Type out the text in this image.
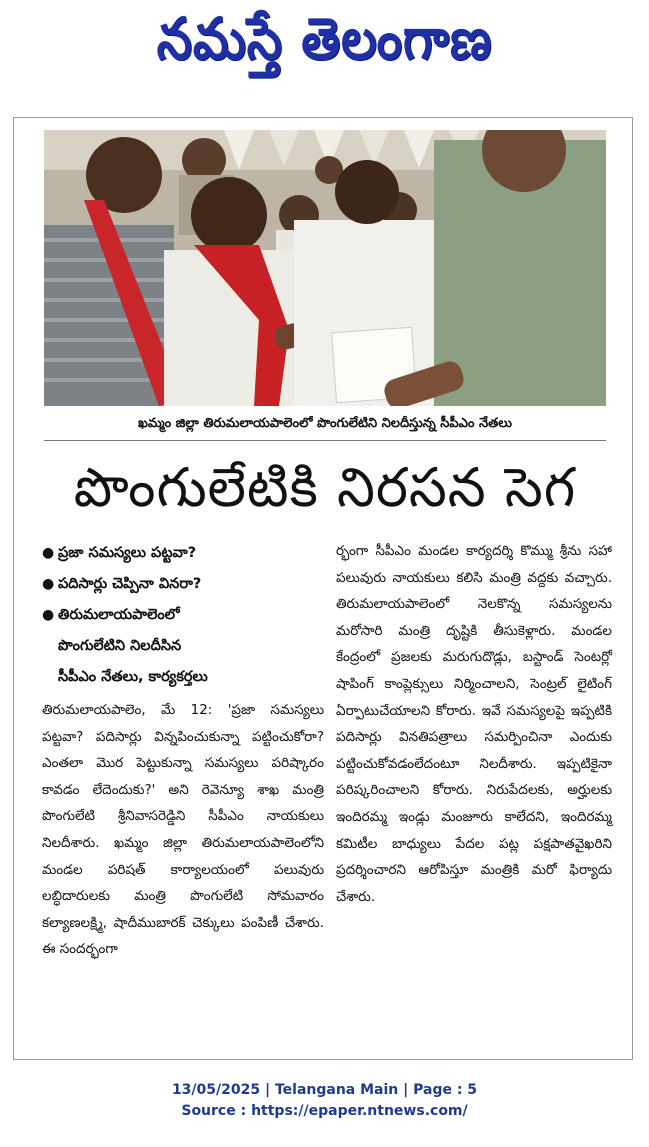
నమస్తే తెలంగాణ
ఖమ్మం జిల్లా తిరుమలాయపాలెంలో పొంగులేటిని నిలదీస్తున్న సీపీఎం నేతలు
పొంగులేటికి నిరసన సెగ
● ప్రజా సమస్యలు పట్టవా?
● పదిసార్లు చెప్పినా వినరా?
● తిరుమలాయపాలెంలో
పొంగులేటిని నిలదీసిన
సీపీఎం నేతలు, కార్యకర్తలు

తిరుమలాయపాలెం, మే 12: 'ప్రజా సమస్యలు పట్టవా? పదిసార్లు విన్నపించుకున్నా పట్టించుకోరా? ఎంతలా మొర పెట్టుకున్నా సమస్యలు పరిష్కారం కావడం లేదెందుకు?' అని రెవెన్యూ శాఖ మంత్రి పొంగులేటి శ్రీనివాసరెడ్డిని సీపీఎం నాయకులు నిలదీశారు. ఖమ్మం జిల్లా తిరుమలాయపాలెంలోని మండల పరిషత్ కార్యాలయంలో పలువురు లబ్ధిదారులకు మంత్రి పొంగులేటి సోమవారం కల్యాణలక్ష్మి, షాదీముబారక్ చెక్కులు పంపిణీ చేశారు. ఈ సందర్భంగా

ర్భంగా సీపీఎం మండల కార్యదర్శి కొమ్ము శ్రీను సహా పలువురు నాయకులు కలిసి మంత్రి వద్దకు వచ్చారు. తిరుమలాయపాలెంలో నెలకొన్న సమస్యలను మరోసారి మంత్రి దృష్టికి తీసుకెళ్లారు. మండల కేంద్రంలో ప్రజలకు మరుగుదొడ్లు, బస్టాండ్ సెంటర్లో షాపింగ్ కాంప్లెక్సులు నిర్మించాలని, సెంట్రల్ లైటింగ్ ఏర్పాటుచేయాలని కోరారు. ఇవే సమస్యలపై ఇప్పటికి పదిసార్లు వినతిపత్రాలు సమర్పించినా ఎందుకు పట్టించుకోవడంలేదంటూ నిలదీశారు. ఇప్పటికైనా పరిష్కరించాలని కోరారు. నిరుపేదలకు, అర్హులకు ఇందిరమ్మ ఇండ్లు మంజూరు కాలేదని, ఇందిరమ్మ కమిటీల బాధ్యులు పేదల పట్ల పక్షపాతవైఖరిని ప్రదర్శించారని ఆరోపిస్తూ మంత్రికి మరో ఫిర్యాదు చేశారు.

13/05/2025 | Telangana Main | Page : 5
Source : https://epaper.ntnews.com/
